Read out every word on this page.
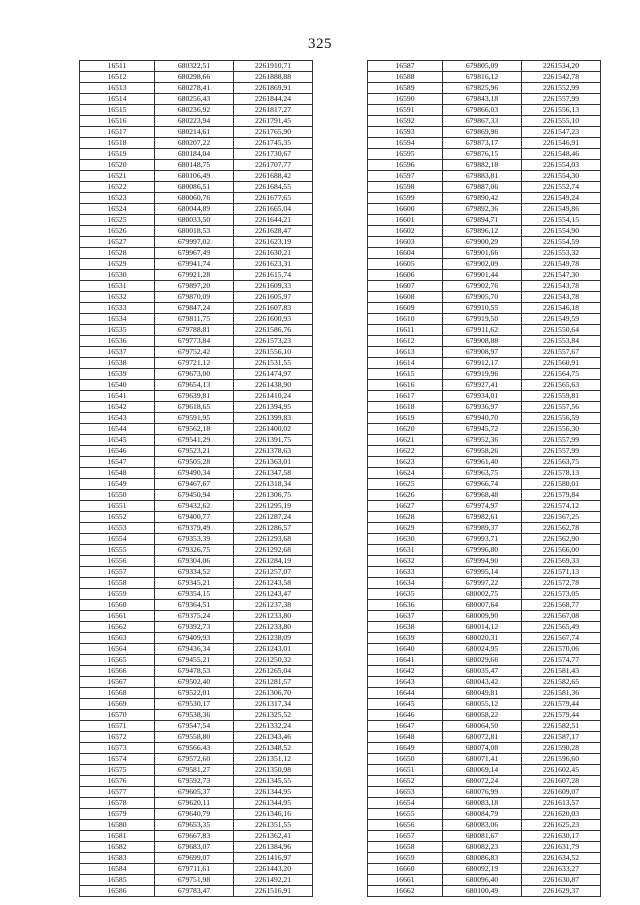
325
16511	680322,51	2261910,71
16512	680298,66	2261888,88
16513	680278,41	2261869,91
16514	680256,43	2261844,24
16515	680236,92	2261817,27
16516	680223,94	2261791,45
16517	680214,61	2261765,90
16518	680207,22	2261745,35
16519	680184,04	2261730,67
16520	680148,75	2261707,77
16521	680106,49	2261688,42
16522	680086,51	2261684,55
16523	680060,76	2261677,65
16524	680044,89	2261665,04
16525	680033,50	2261644,21
16526	680018,53	2261628,47
16527	679997,02	2261623,19
16528	679967,49	2261630,21
16529	679941,74	2261623,31
16530	679921,28	2261615,74
16531	679897,20	2261609,33
16532	679870,09	2261605,97
16533	679847,24	2261607,83
16534	679811,75	2261600,93
16535	679788,81	2261586,76
16536	679773,84	2261573,23
16537	679752,42	2261556,10
16538	679721,12	2261531,55
16539	679673,00	2261474,97
16540	679654,13	2261438,90
16541	679639,81	2261410,24
16542	679618,65	2261394,95
16543	679591,95	2261399,83
16544	679562,18	2261400,02
16545	679541,29	2261391,75
16546	679523,21	2261378,63
16547	679505,28	2261363,01
16548	679490,34	2261347,58
16549	679467,67	2261318,34
16550	679450,94	2261306,75
16551	679432,62	2261295,19
16552	679400,77	2261287,24
16553	679379,49	2261286,57
16554	679353,39	2261293,68
16555	679326,75	2261292,68
16556	679304,06	2261284,19
16557	679334,52	2261257,07
16558	679345,21	2261243,58
16559	679354,15	2261243,47
16560	679364,51	2261237,38
16561	679375,24	2261233,80
16562	679392,73	2261233,80
16563	679409,93	2261238,09
16564	679436,34	2261243,01
16565	679455,21	2261250,32
16566	679478,53	2261265,04
16567	679502,40	2261281,57
16568	679522,01	2261306,70
16569	679530,17	2261317,34
16570	679538,36	2261325,52
16571	679547,54	2261332,24
16572	679558,80	2261343,46
16573	679566,43	2261348,52
16574	679572,60	2261351,12
16575	679581,27	2261350,98
16576	679592,73	2261345,55
16577	679605,37	2261344,95
16578	679620,11	2261344,95
16579	679640,79	2261346,16
16580	679653,35	2261351,55
16581	679667,83	2261362,41
16582	679683,07	2261384,96
16583	679699,07	2261416,97
16584	679711,61	2261443,20
16585	679751,98	2261492,21
16586	679783,47	2261516,91
16587	679805,09	2261534,20
16588	679816,12	2261542,78
16589	679825,96	2261552,99
16590	679843,18	2261557,99
16591	679866,03	2261556,13
16592	679867,33	2261555,10
16593	679869,96	2261547,23
16594	679873,17	2261546,91
16595	679876,15	2261548,46
16596	679882,18	2261554,03
16597	679883,81	2261554,30
16598	679887,06	2261552,74
16599	679890,42	2261549,24
16600	679892,36	2261549,86
16601	679894,71	2261554,15
16602	679896,12	2261554,90
16603	679900,29	2261554,59
16604	679901,66	2261553,32
16605	679902,09	2261549,78
16606	679901,44	2261547,30
16607	679902,76	2261543,78
16608	679905,70	2261543,78
16609	679910,55	2261546,18
16610	679919,50	2261549,59
16611	679911,62	2261550,64
16612	679908,88	2261553,84
16613	679908,97	2261557,67
16614	679912,17	2261560,91
16615	679919,96	2261564,75
16616	679927,41	2261565,63
16617	679934,01	2261559,81
16618	679936,97	2261557,56
16619	679940,70	2261556,59
16620	679945,72	2261556,30
16621	679952,36	2261557,99
16622	679958,26	2261557,99
16623	679961,40	2261563,75
16624	679963,75	2261578,13
16625	679966,74	2261580,01
16626	679968,48	2261579,84
16627	679974,97	2261574,12
16628	679982,61	2261567,25
16629	679989,37	2261562,78
16630	679993,71	2261562,90
16631	679996,80	2261566,00
16632	679994,90	2261569,33
16633	679995,14	2261571,13
16634	679997,22	2261572,78
16635	680002,75	2261573,05
16636	680007,64	2261568,77
16637	680009,90	2261567,08
16638	680014,12	2261565,49
16639	680020,31	2261567,74
16640	680024,95	2261570,06
16641	680029,66	2261574,77
16642	680035,47	2261581,43
16643	680043,42	2261582,65
16644	680049,81	2261581,36
16645	680055,12	2261579,44
16646	680058,22	2261579,44
16647	680064,50	2261582,51
16648	680072,81	2261587,17
16649	680074,08	2261590,28
16650	680071,41	2261596,60
16651	680069,14	2261602,45
16652	680072,24	2261607,28
16653	680076,99	2261609,07
16654	680083,18	2261613,57
16655	680084,79	2261620,03
16656	680083,06	2261625,23
16657	680081,67	2261630,17
16658	680082,23	2261631,79
16659	680086,83	2261634,52
16660	680092,19	2261633,27
16661	680096,40	2261630,87
16662	680100,49	2261629,37
